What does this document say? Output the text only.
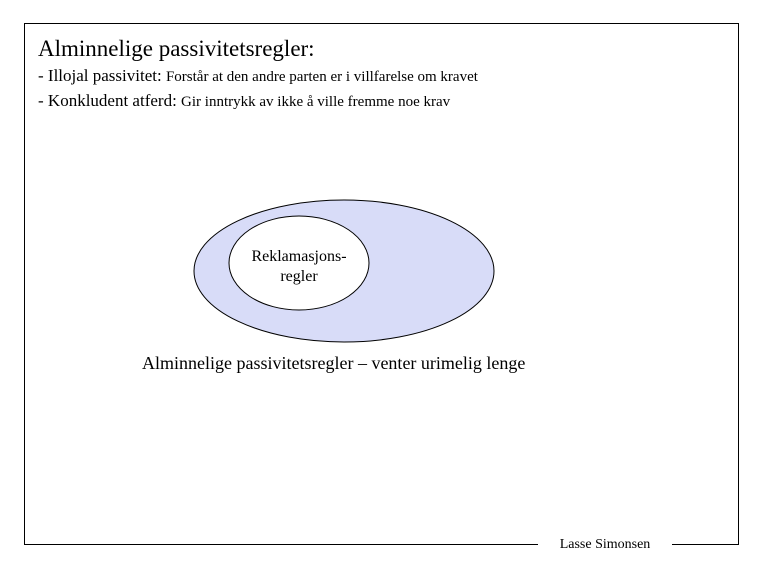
Alminnelige passivitetsregler:
- Illojal passivitet: Forstår at den andre parten er i villfarelse om kravet
- Konkludent atferd: Gir inntrykk av ikke å ville fremme noe krav
Reklamasjons-
regler
Alminnelige passivitetsregler – venter urimelig lenge
Lasse Simonsen
